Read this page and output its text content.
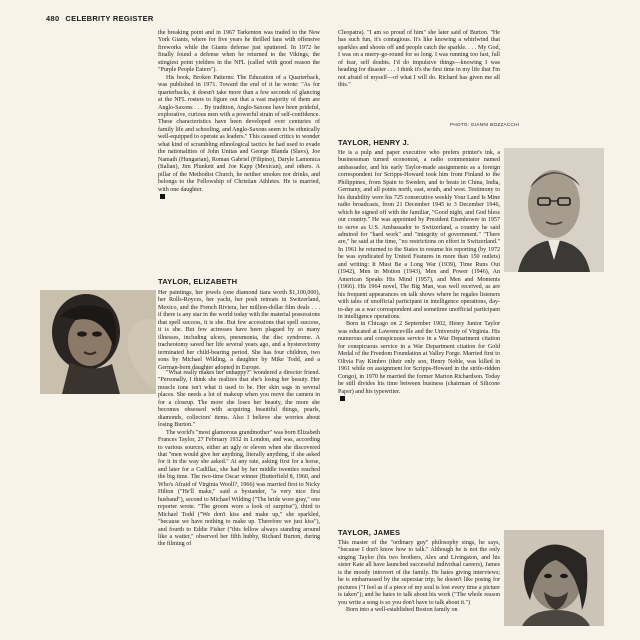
480 CELEBRITY REGISTER

the breaking point and in 1967 Tarkenton was traded to the New York Giants, where for five years he thrilled fans with offensive fireworks while the Giants defense just sputtered. In 1972 he finally found a defense when he returned to the Vikings, the stingiest point yielders in the NFL (called with good reason the "Purple People Eaters").

His book, Broken Patterns: The Education of a Quarterback, was published in 1971. Toward the end of it he wrote: "As for quarterbacks, it doesn't take more than a few seconds of glancing at the NFL rosters to figure out that a vast majority of them are Anglo-Saxons . . . By tradition, Anglo-Saxons have been prideful, explorative, curious men with a powerful strain of self-confidence. These characteristics have been developed over centuries of family life and schooling, and Anglo-Saxons seem to be ethnically well-equipped to operate as leaders." This caused critics to wonder what kind of scrambling ethnological tactics he had used to evade the nationalities of John Unitas and George Blanda (Slavs), Joe Namath (Hungarian), Roman Gabriel (Filipino), Daryle Lamonica (Italian), Jim Plunkett and Joe Kapp (Mexican), and others. A pillar of the Methodist Church, he neither smokes nor drinks, and belongs to the Fellowship of Christian Athletes. He is married, with one daughter.

TAYLOR, ELIZABETH

Her paintings, her jewels (one diamond tiara worth $1,100,000), her Rolls-Royces, her yacht, her posh retreats in Switzerland, Mexico, and the French Riviera, her million-dollar film deals . . . if there is any star in the world today with the material possessions that spell success, it is she. But few accessions that spell success, it is she. But few actresses have been plagued by so many illnesses, including ulcers, pneumonia, the disc syndrome. A tracheotomy saved her life several years ago, and a hysterectomy terminated her child-bearing period. She has four children, two sons by Michael Wilding, a daughter by Mike Todd, and a German-born daughter adopted in Europe.

"What really makes her unhappy?" wondered a director friend. "Personally, I think she realizes that she's losing her beauty. Her muscle tone isn't what it used to be. Her skin sags in several places. She needs a lot of makeup when you move the camera in for a closeup. The more she loses her beauty, the more she becomes obsessed with acquiring beautiful things, pearls, diamonds, collectors' items. Also I believe she worries about losing Burton."

The world's "most glamorous grandmother" was born Elizabeth Frances Taylor, 27 February 1932 in London, and was, according to various sources, either an ugly or eleven when she discovered that "men would give her anything, literally anything, if she asked for it in the way she asked." At any rate, asking first for a horse, and later for a Cadillac, she had by her middle twenties reached the big time. The two-time Oscar winner (Butterfield 8, 1960, and Who's Afraid of Virginia Woolf?, 1966) was married first to Nicky Hilton ("He'll make," said a bystander, "a very nice first husband"), second to Michael Wilding ("The bride wore gray," one reporter wrote. "The groom wore a look of surprise"), third to Michael Todd ("We don't kiss and make up," she sparkled, "because we have nothing to make up. Therefore we just kiss"), and fourth to Eddie Fisher ("this fellow always standing around like a waiter," observed her fifth hubby, Richard Burton, during the filming of

Cleopatra). "I am so proud of him" she later said of Burton. "He has such fun, it's contagious. It's like knowing a whirlwind that sparkles and shoots off and people catch the sparkle. . . . My God, I was on a merry-go-round for so long. I was running too fast, full of fear, self doubts. I'd do impulsive things—knowing I was heading for disaster . . . I think it's the first time in my life that I'm not afraid of myself—of what I will do. Richard has given me all this."

PHOTO: GIANNI BOZZACCHI
TAYLOR, HENRY J.

He is a pulp and paper executive who prefers printer's ink, a businessman turned economist, a radio commentator named ambassador, and his early Taylor-made assignments as a foreign correspondent for Scripps-Howard took him from Finland to the Philippines, from Spain to Sweden, and to beats in China, India, Germany, and all points north, east, south, and west. Testimony to his durability were his 725 consecutive weekly Your Land Is Mine radio broadcasts, from 21 December 1945 to 3 December 1946, which he signed off with the familiar, "Good night, and God bless our country." He was appointed by President Eisenhower in 1957 to serve as U.S. Ambassador to Switzerland, a country he said admired for "hard work" and "integrity of government." "There are," he said at the time, "no restrictions on effort in Switzerland." In 1961 he returned to the States to resume his reporting (by 1972 he was syndicated by United Features in more than 150 outlets) and writing: It Must Be a Long War (1939), Time Runs Out (1942), Men in Motion (1943), Men and Power (1946), An American Speaks His Mind (1957), and Men and Moments (1966). His 1964 novel, The Big Man, was well received, as are his frequent appearances on talk shows where he regales listeners with tales of unofficial participant in intelligence operations, day-to-day as a war correspondent and sometime unofficial participant in intelligence operations.

Born in Chicago on 2 September 1902, Henry Junior Taylor was educated at Lawrenceville and the University of Virginia. His numerous and conspicuous service in a War Department citation for conspicuous service in a War Department citation for Gold Medal of the Freedom Foundation at Valley Forge. Married first to Olivia Fay Kimbro (their only son, Henry Noble, was killed in 1961 while on assignment for Scripps-Howard in the strife-ridden Congo), in 1970 he married the former Marion Richardson. Today he still divides his time between business (chairman of Silicone Paper) and his typewriter.

TAYLOR, JAMES

This master of the "ordinary guy" philosophy sings, he says, "because I don't know how to talk." Although he is not the only singing Taylor (his two brothers, Alex and Livingston, and his sister Kate all have launched successful individual careers), James is the moody introvert of the family. He hates giving interviews; he is embarrassed by the superstar trip; he doesn't like posing for pictures ("I feel as if a piece of my soul is lost every time a picture is taken"); and he hates to talk about his work ("The whole reason you write a song is so you don't have to talk about it.")

Born into a well-established Boston family on
